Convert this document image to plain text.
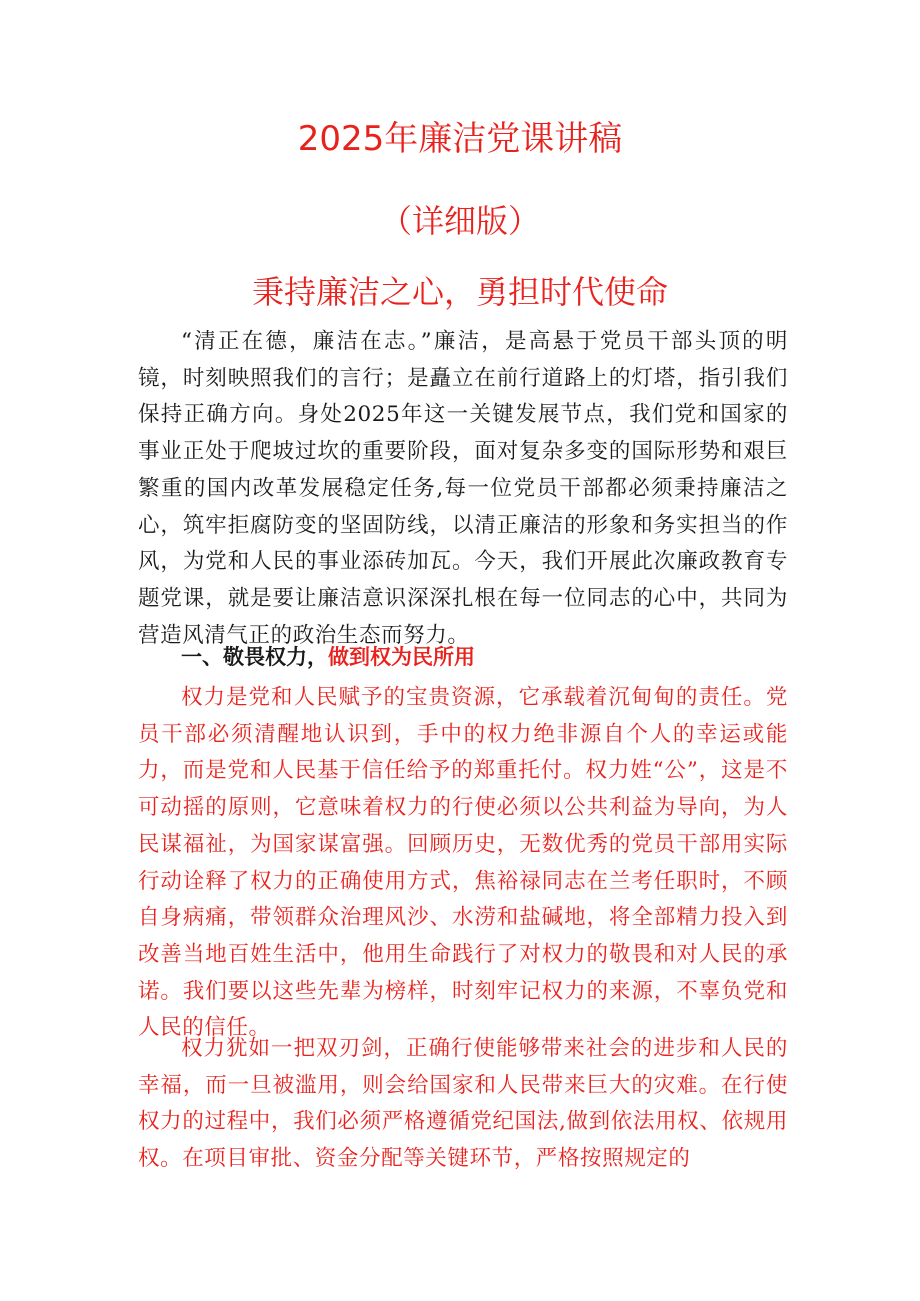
2025年廉洁党课讲稿
（详细版）
秉持廉洁之心，勇担时代使命

“清正在德，廉洁在志。”廉洁，是高悬于党员干部头顶的明镜，时刻映照我们的言行；是矗立在前行道路上的灯塔，指引我们保持正确方向。身处2025年这一关键发展节点，我们党和国家的事业正处于爬坡过坎的重要阶段，面对复杂多变的国际形势和艰巨繁重的国内改革发展稳定任务,每一位党员干部都必须秉持廉洁之心，筑牢拒腐防变的坚固防线，以清正廉洁的形象和务实担当的作风，为党和人民的事业添砖加瓦。今天，我们开展此次廉政教育专题党课，就是要让廉洁意识深深扎根在每一位同志的心中，共同为营造风清气正的政治生态而努力。

一、敬畏权力，做到权为民所用

权力是党和人民赋予的宝贵资源，它承载着沉甸甸的责任。党员干部必须清醒地认识到，手中的权力绝非源自个人的幸运或能力，而是党和人民基于信任给予的郑重托付。权力姓“公”，这是不可动摇的原则，它意味着权力的行使必须以公共利益为导向，为人民谋福祉，为国家谋富强。回顾历史，无数优秀的党员干部用实际行动诠释了权力的正确使用方式，焦裕禄同志在兰考任职时，不顾自身病痛，带领群众治理风沙、水涝和盐碱地，将全部精力投入到改善当地百姓生活中，他用生命践行了对权力的敬畏和对人民的承诺。我们要以这些先辈为榜样，时刻牢记权力的来源，不辜负党和人民的信任。

权力犹如一把双刃剑，正确行使能够带来社会的进步和人民的幸福，而一旦被滥用，则会给国家和人民带来巨大的灾难。在行使权力的过程中，我们必须严格遵循党纪国法,做到依法用权、依规用权。在项目审批、资金分配等关键环节，严格按照规定的
